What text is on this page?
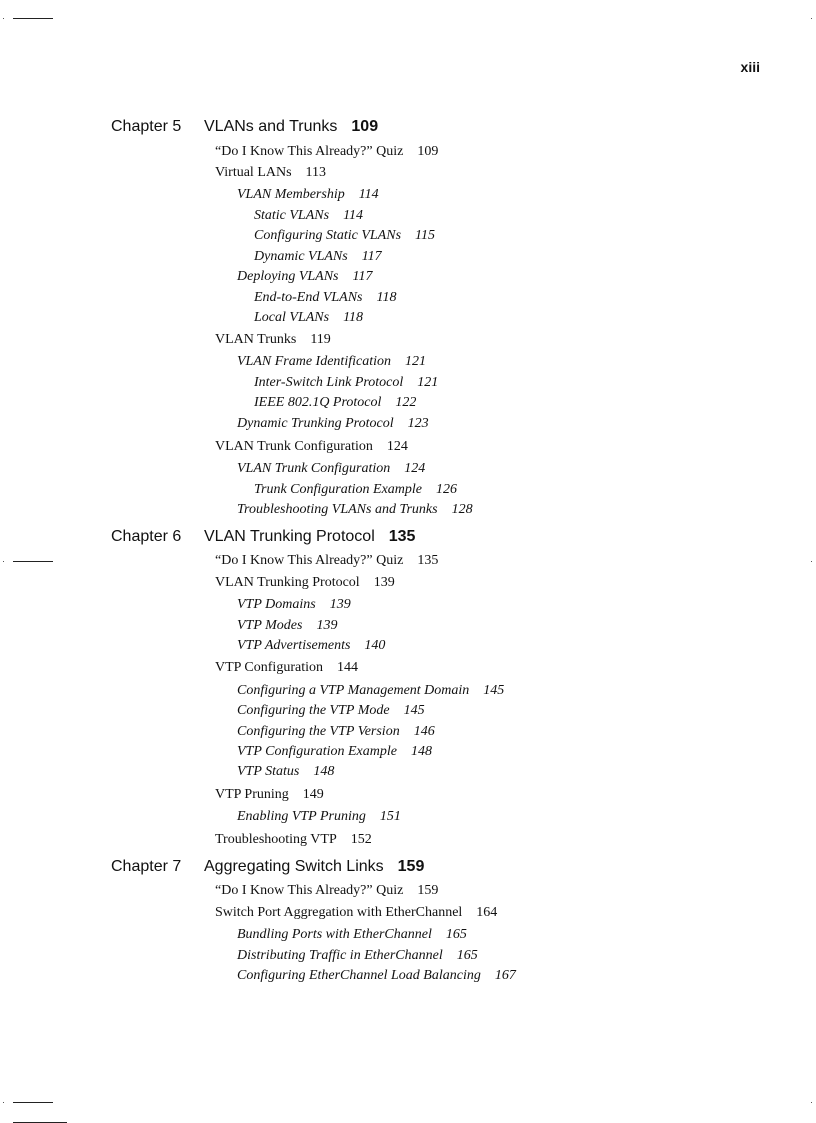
xiii
Chapter 5 VLANs and Trunks 109
“Do I Know This Already?” Quiz 109
Virtual LANs 113
VLAN Membership 114
Static VLANs 114
Configuring Static VLANs 115
Dynamic VLANs 117
Deploying VLANs 117
End-to-End VLANs 118
Local VLANs 118
VLAN Trunks 119
VLAN Frame Identification 121
Inter-Switch Link Protocol 121
IEEE 802.1Q Protocol 122
Dynamic Trunking Protocol 123
VLAN Trunk Configuration 124
VLAN Trunk Configuration 124
Trunk Configuration Example 126
Troubleshooting VLANs and Trunks 128
Chapter 6 VLAN Trunking Protocol 135
“Do I Know This Already?” Quiz 135
VLAN Trunking Protocol 139
VTP Domains 139
VTP Modes 139
VTP Advertisements 140
VTP Configuration 144
Configuring a VTP Management Domain 145
Configuring the VTP Mode 145
Configuring the VTP Version 146
VTP Configuration Example 148
VTP Status 148
VTP Pruning 149
Enabling VTP Pruning 151
Troubleshooting VTP 152
Chapter 7 Aggregating Switch Links 159
“Do I Know This Already?” Quiz 159
Switch Port Aggregation with EtherChannel 164
Bundling Ports with EtherChannel 165
Distributing Traffic in EtherChannel 165
Configuring EtherChannel Load Balancing 167
